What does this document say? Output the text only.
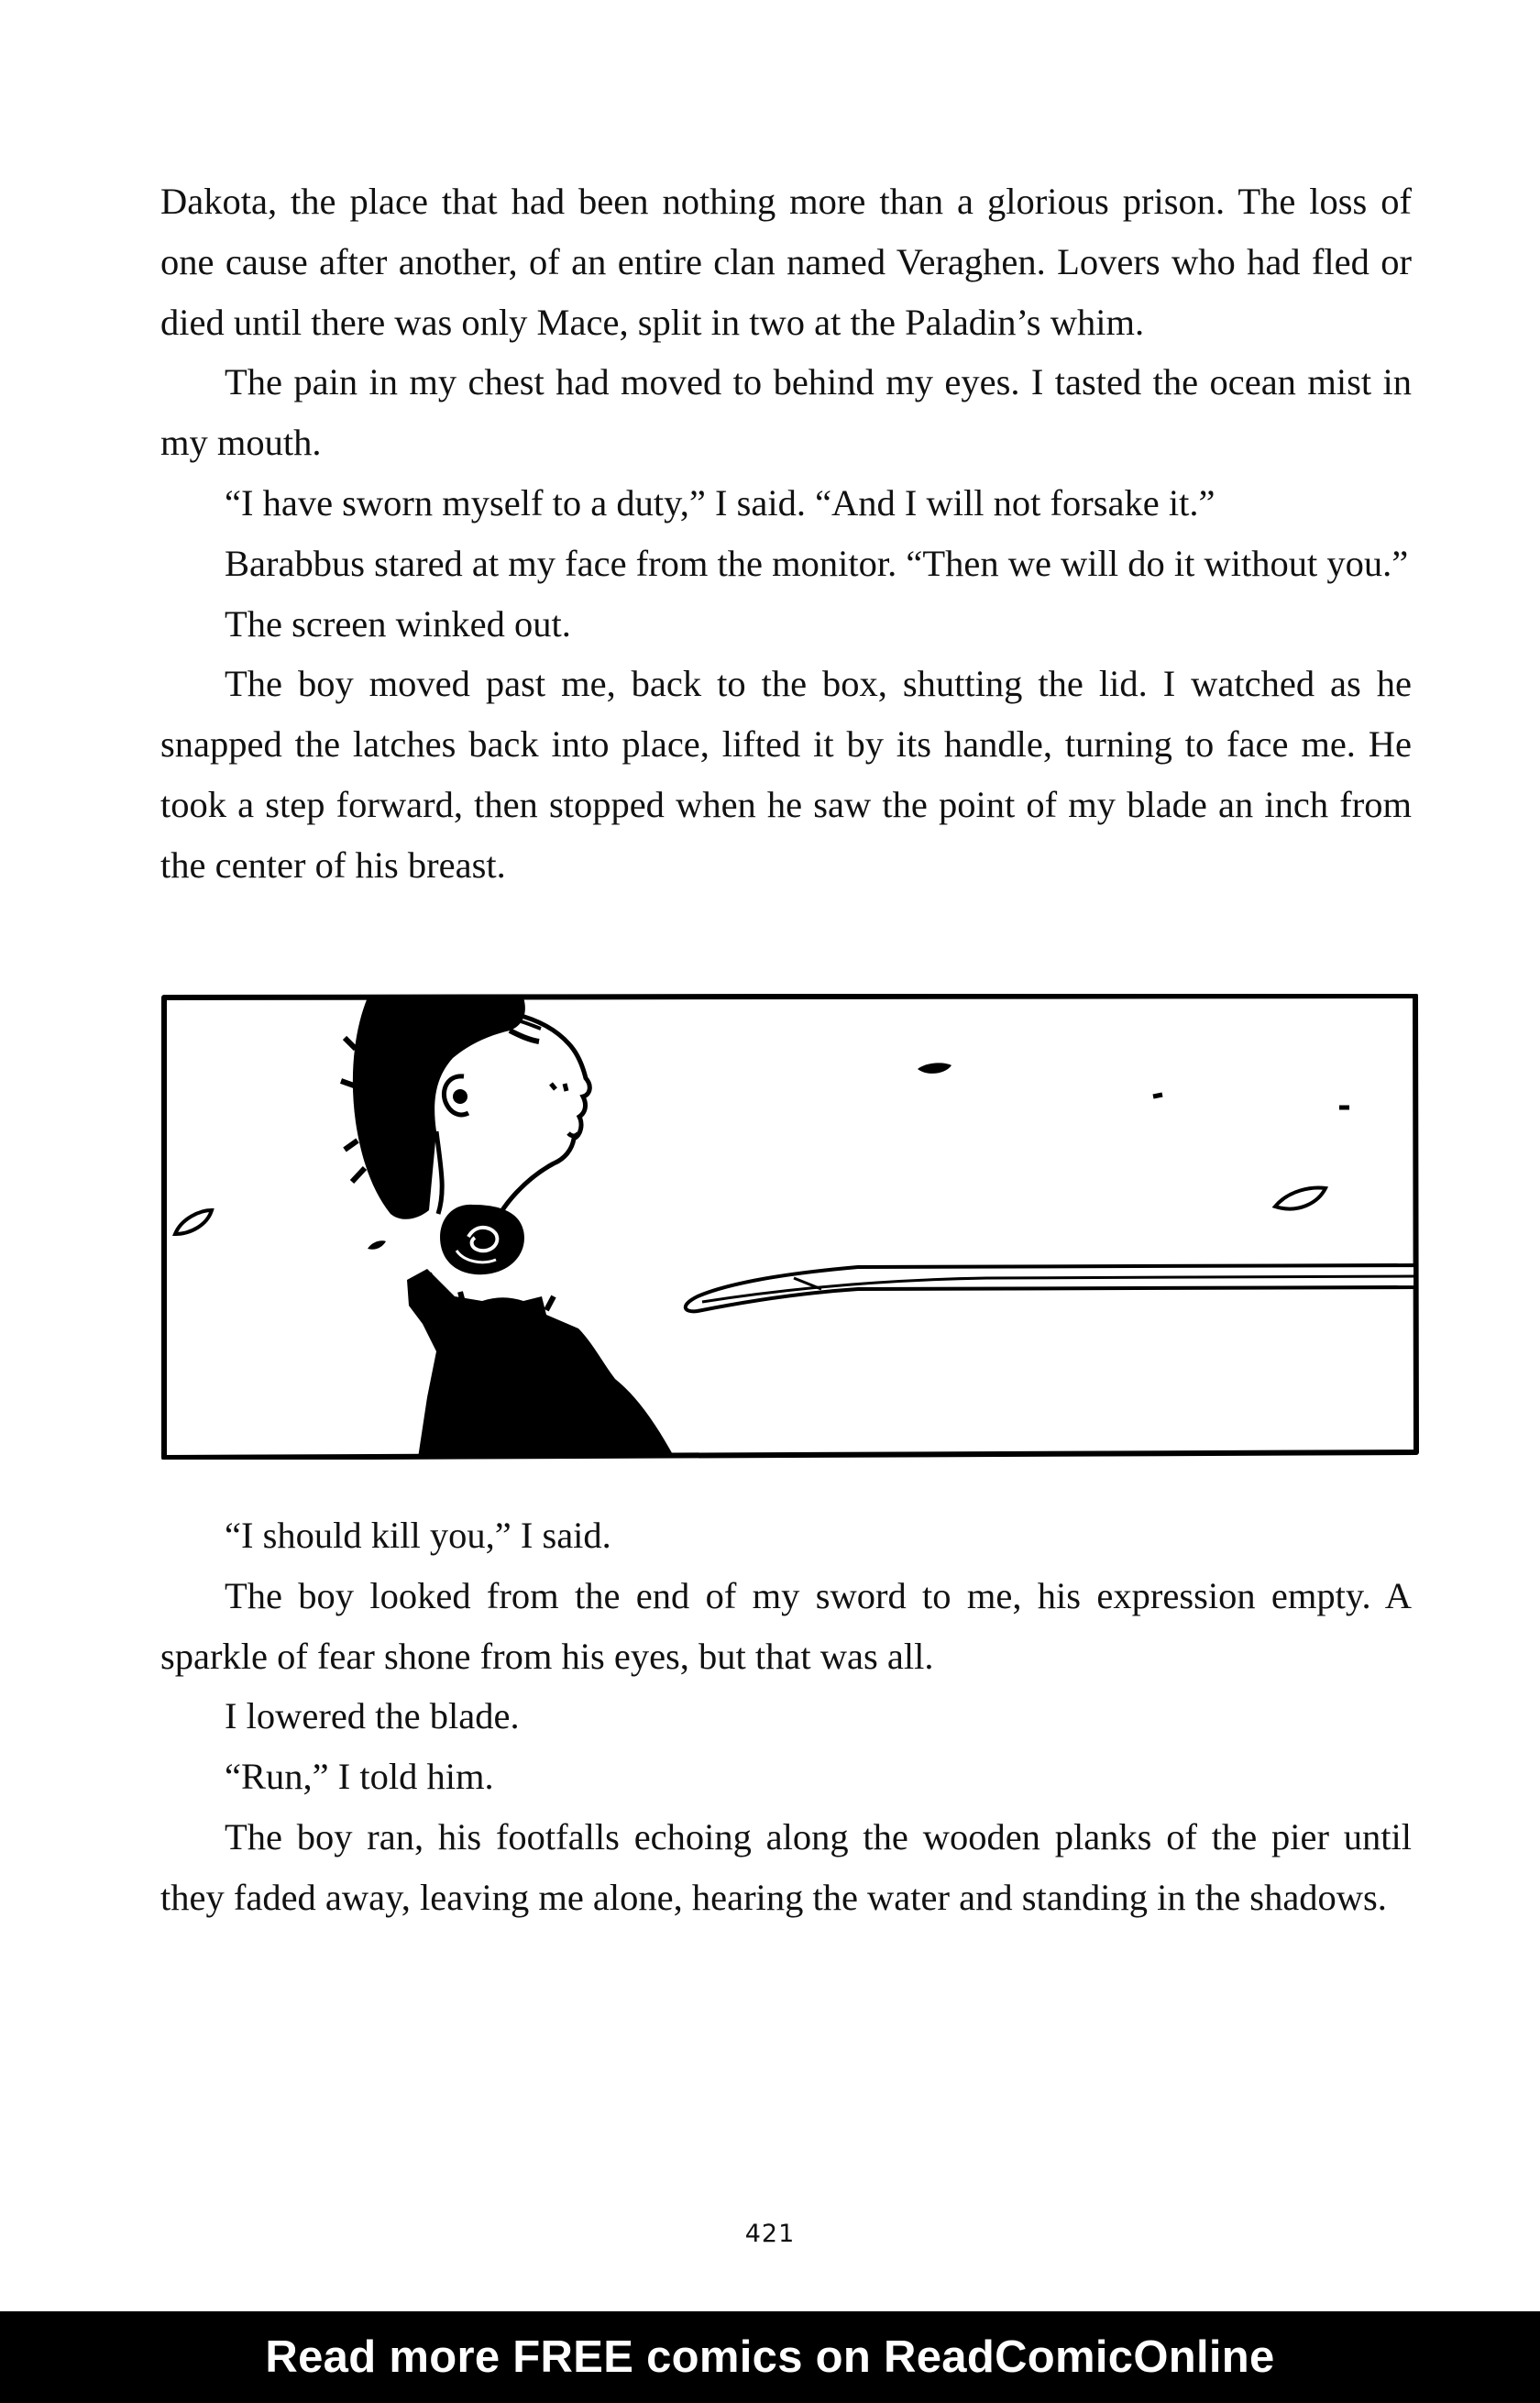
Dakota, the place that had been nothing more than a glorious prison. The loss of one cause after another, of an entire clan named Veraghen. Lovers who had fled or died until there was only Mace, split in two at the Paladin’s whim.

The pain in my chest had moved to behind my eyes. I tasted the ocean mist in my mouth.

“I have sworn myself to a duty,” I said. “And I will not forsake it.”

Barabbus stared at my face from the monitor. “Then we will do it without you.”

The screen winked out.

The boy moved past me, back to the box, shutting the lid. I watched as he snapped the latches back into place, lifted it by its handle, turning to face me. He took a step forward, then stopped when he saw the point of my blade an inch from the center of his breast.

“I should kill you,” I said.

The boy looked from the end of my sword to me, his expression empty. A sparkle of fear shone from his eyes, but that was all.

I lowered the blade.

“Run,” I told him.

The boy ran, his footfalls echoing along the wooden planks of the pier until they faded away, leaving me alone, hearing the water and standing in the shadows.

421
Read more FREE comics on ReadComicOnline
